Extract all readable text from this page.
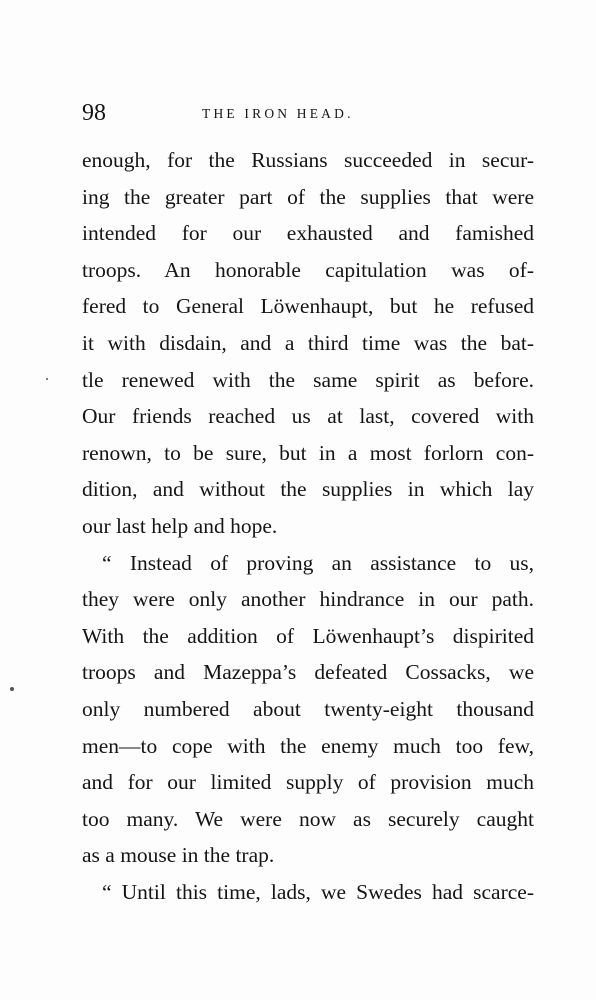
98	THE IRON HEAD.
enough, for the Russians succeeded in secur-
ing the greater part of the supplies that were
intended for our exhausted and famished
troops. An honorable capitulation was of-
fered to General Löwenhaupt, but he refused
it with disdain, and a third time was the bat-
tle renewed with the same spirit as before.
Our friends reached us at last, covered with
renown, to be sure, but in a most forlorn con-
dition, and without the supplies in which lay
our last help and hope.
“ Instead of proving an assistance to us,
they were only another hindrance in our path.
With the addition of Löwenhaupt’s dispirited
troops and Mazeppa’s defeated Cossacks, we
only numbered about twenty-eight thousand
men—to cope with the enemy much too few,
and for our limited supply of provision much
too many. We were now as securely caught
as a mouse in the trap.
“ Until this time, lads, we Swedes had scarce-
